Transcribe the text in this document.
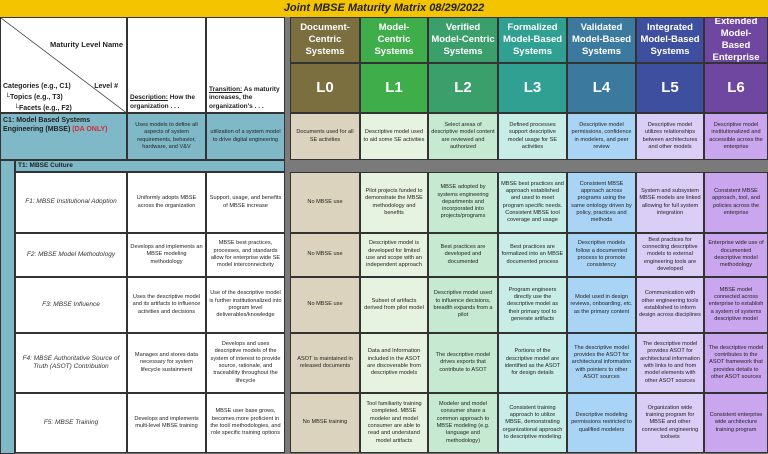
Joint MBSE Maturity Matrix 08/29/2022
Maturity Level Name
Level #
Categories (e.g., C1)
└Topics (e.g., T3)
└Facets (e.g., F2)
Description: How the organization . . .
Transition: As maturity increases, the organization's . . .
Document-Centric Systems
L0
Model-Centric Systems
L1
Verified Model-Centric Systems
L2
Formalized Model-Based Systems
L3
Validated Model-Based Systems
L4
Integrated Model-Based Systems
L5
Extended Model-Based Enterprise
L6
C1: Model Based Systems Engineering (MBSE) (DA ONLY)
Uses models to define all aspects of system requirements, behavior, hardware, and V&V
utilization of a system model to drive digital engineering
Documents used for all SE activities
Descriptive model used to aid some SE activities
Select areas of descriptive model content are reviewed and authorized
Defined processes support descriptive model usage for SE activities
Descriptive model permissions, confidence in modelers, and peer review
Descriptive model utilizes relationships between architectures and other models
Descriptive model institutionalized and accessible across the enterprise
T1: MBSE Culture
F1: MBSE Institutional Adoption
Uniformly adopts MBSE across the organization
Support, usage, and benefits of MBSE increase
No MBSE use
Pilot projects funded to demonstrate the MBSE methodology and benefits
MBSE adopted by systems engineering departments and incorporated into projects/programs
MBSE best practices and approach established and used to meet program specific needs. Consistent MBSE tool coverage and usage
Consistent MBSE approach across programs using the same ontology driven by policy, practices and methods
System and subsystem MBSE models are linked allowing for full system integration
Consistent MBSE approach, tool, and policies across the enterprise
F2: MBSE Model Methodology
Develops and implements an MBSE modeling methodology
MBSE best practices, processes, and standards allow for enterprise wide SE model interconnectivity
No MBSE use
Descriptive model is developed for limited use and scope with an independent approach
Best practices are developed and documented
Best practices are formalized into an MBSE documented process
Descriptive models follow a documented process to promote consistency
Best practices for connecting descriptive models to external engineering tools are developed
Enterprise wide use of documented descriptive model methodology
F3: MBSE Influence
Uses the descriptive model and its artifacts to influence activities and decisions
Use of the descriptive model is further institutionalized into program level deliverables/knowledge
No MBSE use
Subset of artifacts derived from pilot model
Descriptive model used to influence decisions, breadth expands from a pilot
Program engineers directly use the descriptive model as their primary tool to generate artifacts
Model used in design reviews, onboarding, etc. as the primary content
Communication with other engineering tools established to inform design across disciplines
MBSE model connected across enterprise to establish a system of systems descriptive model
F4: MBSE Authoritative Source of Truth (ASOT) Contribution
Manages and stores data necessary for system lifecycle sustainment
Develops and uses descriptive models of the system of interest to provide source, rationale, and traceability throughout the lifecycle
ASOT is maintained in released documents
Data and Information included in the ASOT are discoverable from descriptive models
The descriptive model drives exports that contribute to ASOT
Portions of the descriptive model are identified as the ASOT for design details
The descriptive model provides the ASOT for architectural information with pointers to other ASOT sources
The descriptive model provides ASOT for architectural information with links to and from model elements with other ASOT sources
The descriptive model contributes to the ASOT framework that provides details to other ASOT sources
F5: MBSE Training
Develops and implements multi-level MBSE training
MBSE user base grows, becomes more proficient in the tool/ methodologies, and role specific training options
No MBSE training
Tool familiarity training completed. MBSE modeler and model consumer are able to read and understand model artifacts
Modeler and model consumer share a common approach to MBSE modeling (e.g. language and methodology)
Consistent training approach to utilize MBSE, demonstrating organizational approach to descriptive modeling
Descriptive modeling permissions restricted to qualified modelers
Organization wide training program for MBSE and other connected engineering toolsets
Consistent enterprise wide architecture training program
